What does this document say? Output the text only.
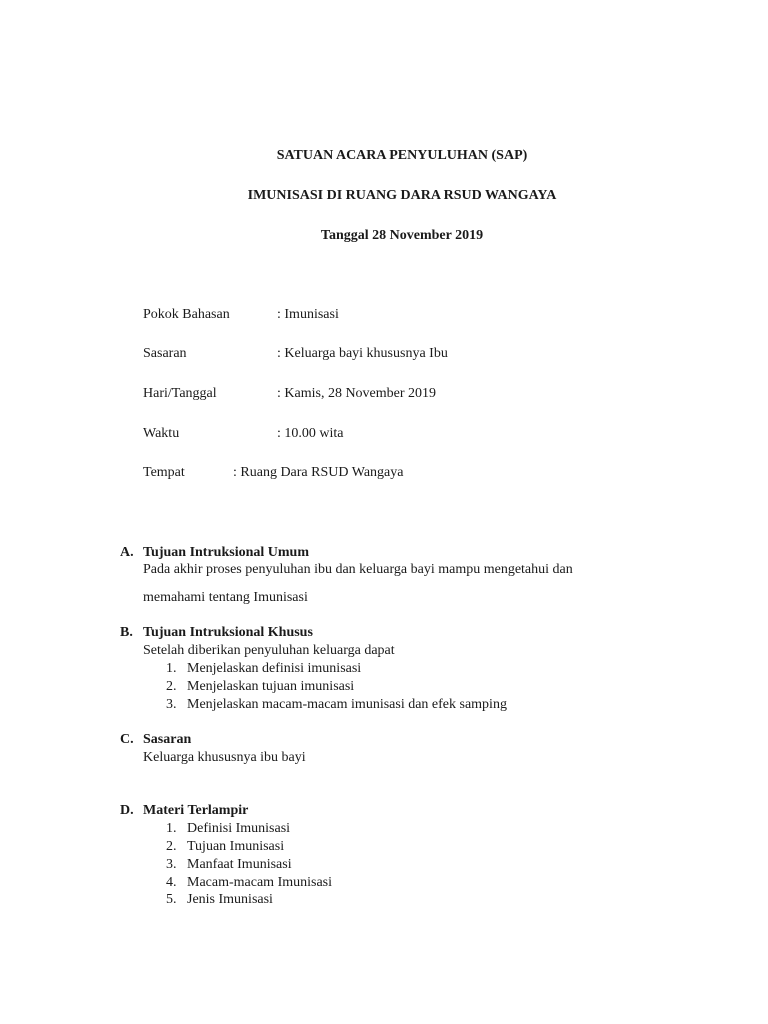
SATUAN ACARA PENYULUHAN (SAP)
IMUNISASI DI RUANG DARA RSUD WANGAYA
Tanggal 28 November 2019
Pokok Bahasan	: Imunisasi
Sasaran	: Keluarga bayi khususnya Ibu
Hari/Tanggal	: Kamis, 28 November 2019
Waktu	: 10.00 wita
Tempat	: Ruang Dara RSUD Wangaya
A. Tujuan Intruksional Umum
Pada akhir proses penyuluhan ibu dan keluarga bayi mampu mengetahui dan
memahami tentang Imunisasi
B. Tujuan Intruksional Khusus
Setelah diberikan penyuluhan keluarga dapat
1. Menjelaskan definisi imunisasi
2. Menjelaskan tujuan imunisasi
3. Menjelaskan macam-macam imunisasi dan efek samping
C. Sasaran
Keluarga khususnya ibu bayi
D. Materi Terlampir
1. Definisi Imunisasi
2. Tujuan Imunisasi
3. Manfaat Imunisasi
4. Macam-macam Imunisasi
5. Jenis Imunisasi
